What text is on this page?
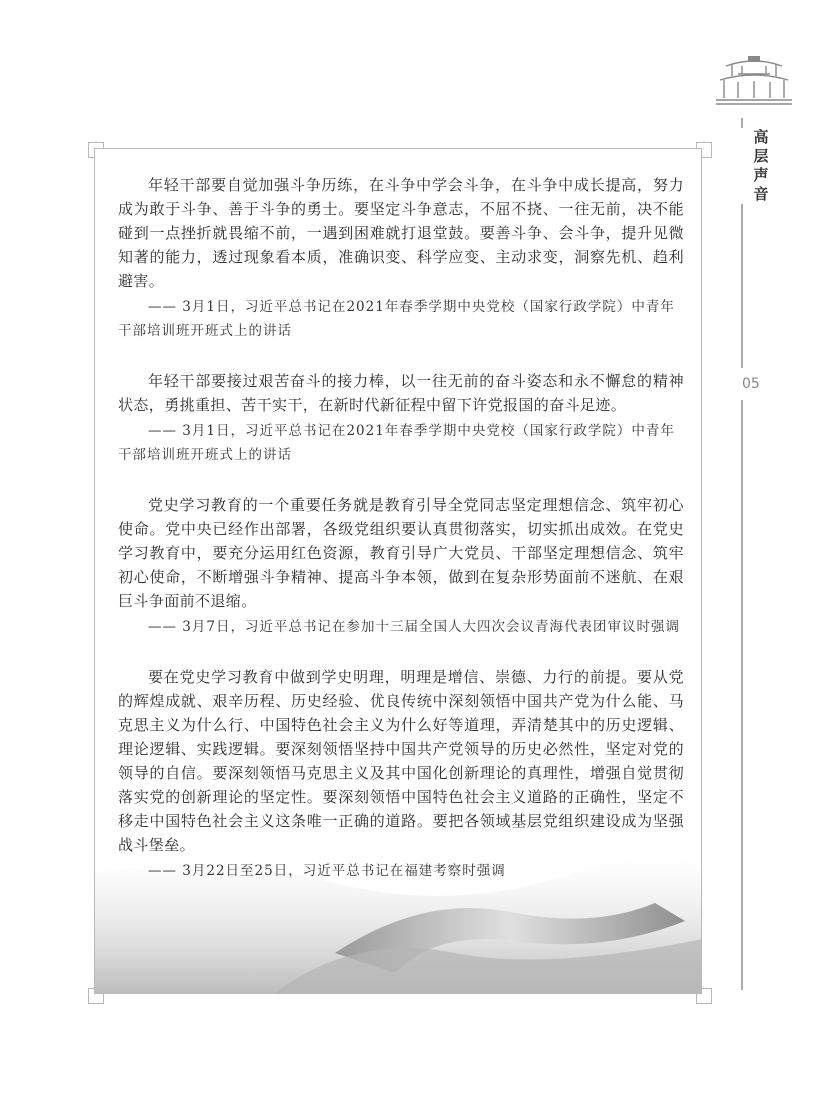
高
层
声
音
05

年轻干部要自觉加强斗争历练，在斗争中学会斗争，在斗争中成长提高，努力成为敢于斗争、善于斗争的勇士。要坚定斗争意志，不屈不挠、一往无前，决不能碰到一点挫折就畏缩不前，一遇到困难就打退堂鼓。要善斗争、会斗争，提升见微知著的能力，透过现象看本质，准确识变、科学应变、主动求变，洞察先机、趋利避害。

—— 3月1日，习近平总书记在2021年春季学期中央党校（国家行政学院）中青年干部培训班开班式上的讲话

年轻干部要接过艰苦奋斗的接力棒，以一往无前的奋斗姿态和永不懈怠的精神状态，勇挑重担、苦干实干，在新时代新征程中留下许党报国的奋斗足迹。

—— 3月1日，习近平总书记在2021年春季学期中央党校（国家行政学院）中青年干部培训班开班式上的讲话

党史学习教育的一个重要任务就是教育引导全党同志坚定理想信念、筑牢初心使命。党中央已经作出部署，各级党组织要认真贯彻落实，切实抓出成效。在党史学习教育中，要充分运用红色资源，教育引导广大党员、干部坚定理想信念、筑牢初心使命，不断增强斗争精神、提高斗争本领，做到在复杂形势面前不迷航、在艰巨斗争面前不退缩。

—— 3月7日，习近平总书记在参加十三届全国人大四次会议青海代表团审议时强调

要在党史学习教育中做到学史明理，明理是增信、崇德、力行的前提。要从党的辉煌成就、艰辛历程、历史经验、优良传统中深刻领悟中国共产党为什么能、马克思主义为什么行、中国特色社会主义为什么好等道理，弄清楚其中的历史逻辑、理论逻辑、实践逻辑。要深刻领悟坚持中国共产党领导的历史必然性，坚定对党的领导的自信。要深刻领悟马克思主义及其中国化创新理论的真理性，增强自觉贯彻落实党的创新理论的坚定性。要深刻领悟中国特色社会主义道路的正确性，坚定不移走中国特色社会主义这条唯一正确的道路。要把各领域基层党组织建设成为坚强战斗堡垒。

—— 3月22日至25日，习近平总书记在福建考察时强调
